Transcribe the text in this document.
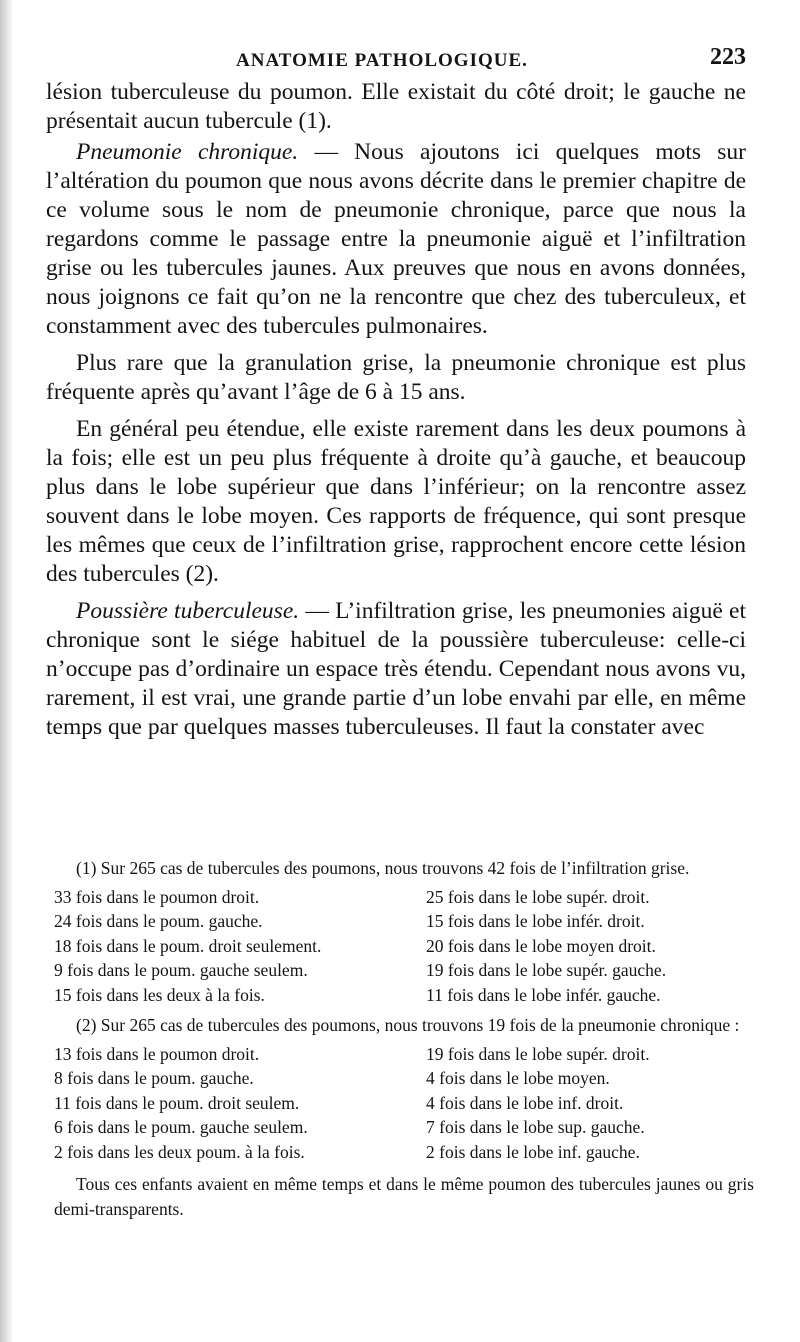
ANATOMIE PATHOLOGIQUE.	223

lésion tuberculeuse du poumon. Elle existait du côté droit; le gauche ne présentait aucun tubercule (1).

Pneumonie chronique. — Nous ajoutons ici quelques mots sur l’altération du poumon que nous avons décrite dans le premier chapitre de ce volume sous le nom de pneumonie chronique, parce que nous la regardons comme le passage entre la pneumonie aiguë et l’infiltration grise ou les tubercules jaunes. Aux preuves que nous en avons données, nous joignons ce fait qu’on ne la rencontre que chez des tuberculeux, et constamment avec des tubercules pulmonaires.

Plus rare que la granulation grise, la pneumonie chronique est plus fréquente après qu’avant l’âge de 6 à 15 ans.

En général peu étendue, elle existe rarement dans les deux poumons à la fois; elle est un peu plus fréquente à droite qu’à gauche, et beaucoup plus dans le lobe supérieur que dans l’inférieur; on la rencontre assez souvent dans le lobe moyen. Ces rapports de fréquence, qui sont presque les mêmes que ceux de l’infiltration grise, rapprochent encore cette lésion des tubercules (2).

Poussière tuberculeuse. — L’infiltration grise, les pneumonies aiguë et chronique sont le siége habituel de la poussière tuberculeuse: celle-ci n’occupe pas d’ordinaire un espace très étendu. Cependant nous avons vu, rarement, il est vrai, une grande partie d’un lobe envahi par elle, en même temps que par quelques masses tuberculeuses. Il faut la constater avec

(1) Sur 265 cas de tubercules des poumons, nous trouvons 42 fois de l’infiltration grise.

33 fois dans le poumon droit.	25 fois dans le lobe supér. droit.
24 fois dans le poum. gauche.	15 fois dans le lobe infér. droit.
18 fois dans le poum. droit seulement.	20 fois dans le lobe moyen droit.
9 fois dans le poum. gauche seulem.	19 fois dans le lobe supér. gauche.
15 fois dans les deux à la fois.	11 fois dans le lobe infér. gauche.

(2) Sur 265 cas de tubercules des poumons, nous trouvons 19 fois de la pneumonie chronique :

13 fois dans le poumon droit.	19 fois dans le lobe supér. droit.
8 fois dans le poum. gauche.	4 fois dans le lobe moyen.
11 fois dans le poum. droit seulem.	4 fois dans le lobe inf. droit.
6 fois dans le poum. gauche seulem.	7 fois dans le lobe sup. gauche.
2 fois dans les deux poum. à la fois.	2 fois dans le lobe inf. gauche.

Tous ces enfants avaient en même temps et dans le même poumon des tubercules jaunes ou gris demi-transparents.
